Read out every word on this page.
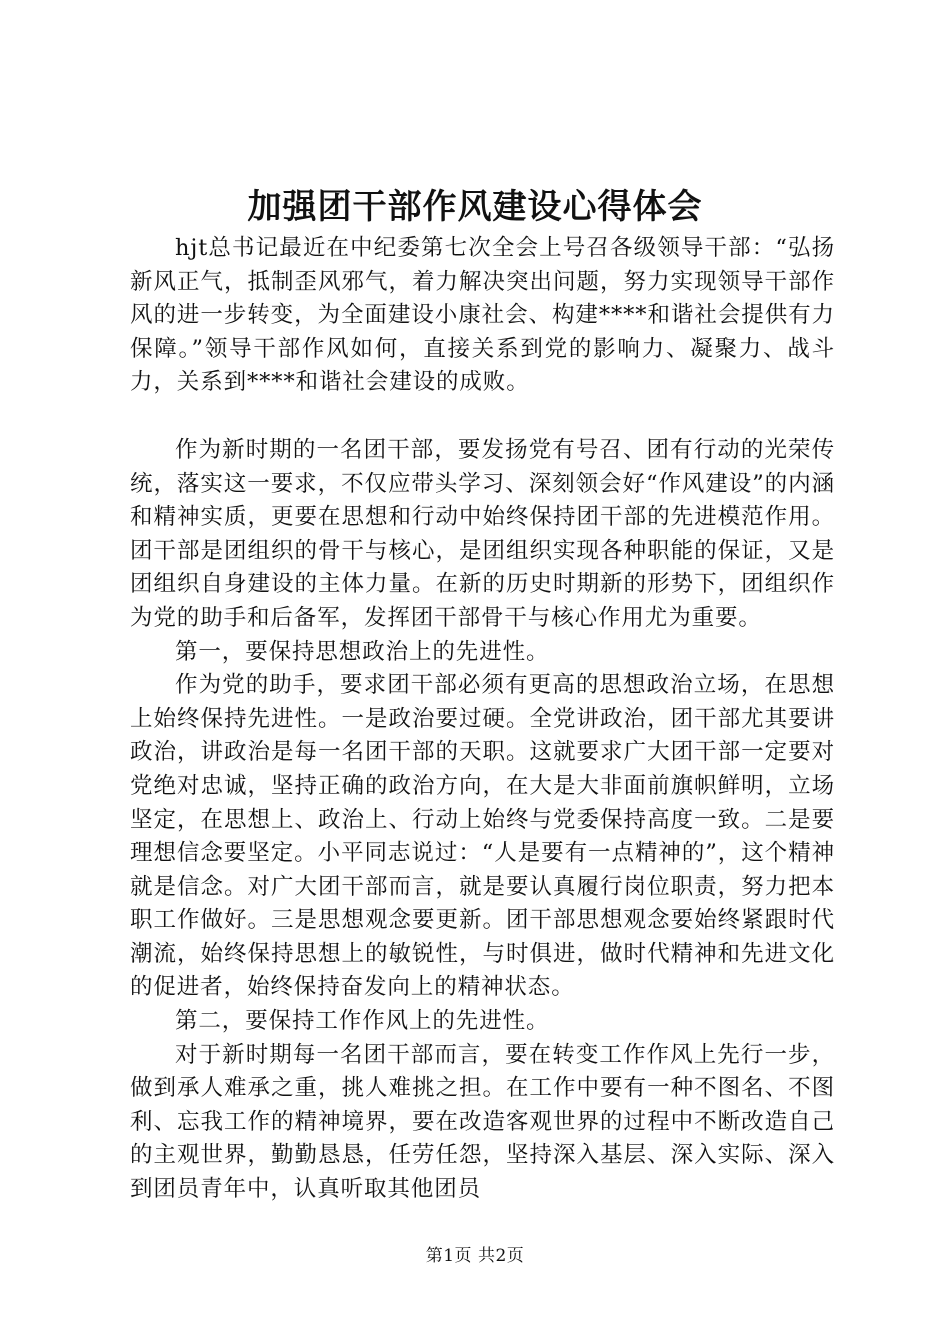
加强团干部作风建设心得体会

hjt总书记最近在中纪委第七次全会上号召各级领导干部：“弘扬新风正气，抵制歪风邪气，着力解决突出问题，努力实现领导干部作风的进一步转变，为全面建设小康社会、构建****和谐社会提供有力保障。”领导干部作风如何，直接关系到党的影响力、凝聚力、战斗力，关系到****和谐社会建设的成败。

作为新时期的一名团干部，要发扬党有号召、团有行动的光荣传统，落实这一要求，不仅应带头学习、深刻领会好“作风建设”的内涵和精神实质，更要在思想和行动中始终保持团干部的先进模范作用。团干部是团组织的骨干与核心，是团组织实现各种职能的保证，又是团组织自身建设的主体力量。在新的历史时期新的形势下，团组织作为党的助手和后备军，发挥团干部骨干与核心作用尤为重要。

第一，要保持思想政治上的先进性。

作为党的助手，要求团干部必须有更高的思想政治立场，在思想上始终保持先进性。一是政治要过硬。全党讲政治，团干部尤其要讲政治，讲政治是每一名团干部的天职。这就要求广大团干部一定要对党绝对忠诚，坚持正确的政治方向，在大是大非面前旗帜鲜明，立场坚定，在思想上、政治上、行动上始终与党委保持高度一致。二是要理想信念要坚定。小平同志说过：“人是要有一点精神的”，这个精神就是信念。对广大团干部而言，就是要认真履行岗位职责，努力把本职工作做好。三是思想观念要更新。团干部思想观念要始终紧跟时代潮流，始终保持思想上的敏锐性，与时俱进，做时代精神和先进文化的促进者，始终保持奋发向上的精神状态。

第二，要保持工作作风上的先进性。

对于新时期每一名团干部而言，要在转变工作作风上先行一步，做到承人难承之重，挑人难挑之担。在工作中要有一种不图名、不图利、忘我工作的精神境界，要在改造客观世界的过程中不断改造自己的主观世界，勤勤恳恳，任劳任怨，坚持深入基层、深入实际、深入到团员青年中，认真听取其他团员

第1页 共2页
